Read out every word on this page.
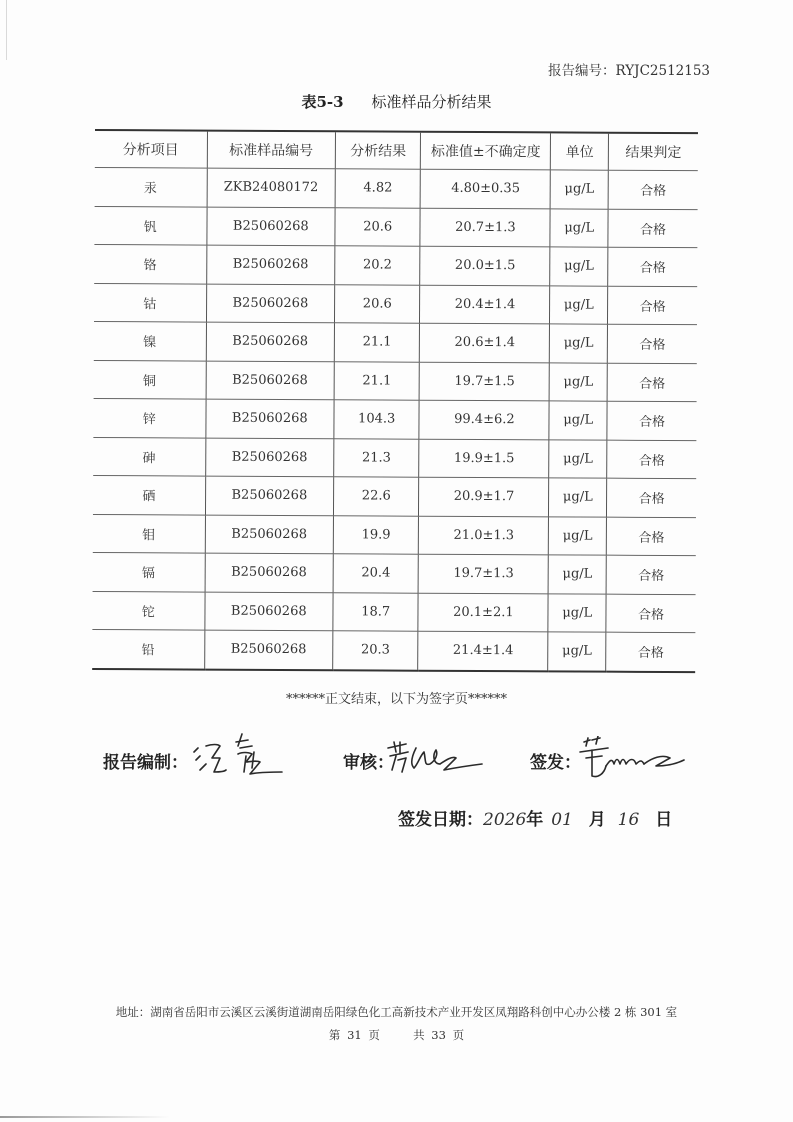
报告编号：RYJC2512153
表5-3 标准样品分析结果
分析项目	标准样品编号	分析结果	标准值±不确定度	单位	结果判定
汞	ZKB24080172	4.82	4.80±0.35	μg/L	合格
钒	B25060268	20.6	20.7±1.3	μg/L	合格
铬	B25060268	20.2	20.0±1.5	μg/L	合格
钴	B25060268	20.6	20.4±1.4	μg/L	合格
镍	B25060268	21.1	20.6±1.4	μg/L	合格
铜	B25060268	21.1	19.7±1.5	μg/L	合格
锌	B25060268	104.3	99.4±6.2	μg/L	合格
砷	B25060268	21.3	19.9±1.5	μg/L	合格
硒	B25060268	22.6	20.9±1.7	μg/L	合格
钼	B25060268	19.9	21.0±1.3	μg/L	合格
镉	B25060268	20.4	19.7±1.3	μg/L	合格
铊	B25060268	18.7	20.1±2.1	μg/L	合格
铅	B25060268	20.3	21.4±1.4	μg/L	合格
******正文结束，以下为签字页******
报告编制：	审核：	签发：
签发日期：2026年 01 月 16 日
地址：湖南省岳阳市云溪区云溪街道湖南岳阳绿色化工高新技术产业开发区凤翔路科创中心办公楼 2 栋 301 室
第 31 页	共 33 页
